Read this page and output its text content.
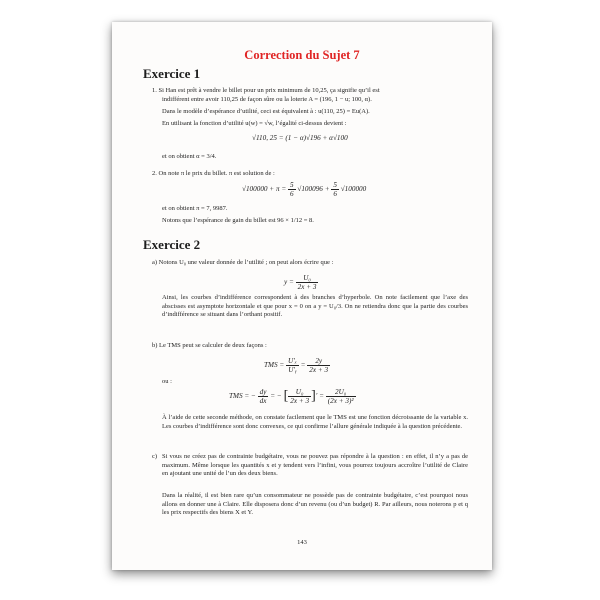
Correction du Sujet 7
Exercice 1
1. Si Han est prêt à vendre le billet pour un prix minimum de 10,25, ça signifie qu’il est
indifférent entre avoir 110,25 de façon sûre ou la loterie A = (196, 1 − u; 100, α).
Dans le modèle d’espérance d’utilité, ceci est équivalent à : u(110, 25) = Eu(A).
En utilisant la fonction d’utilité u(w) = √w, l’égalité ci-dessus devient :
√110, 25 = (1 − α)√196 + α√100
et on obtient α = 3/4.
2. On note π le prix du billet. π est solution de :
$√100000 + \pi = \frac{5}{6} √100096 + \frac{5}{6} √100000$
et on obtient π = 7, 9987.
Notons que l’espérance de gain du billet est 96 × 1/12 = 8.
Exercice 2
a) Notons U₀ une valeur donnée de l’utilité ; on peut alors écrire que :
$y = \frac{\text{U₀}}{2x + 3}$
Ainsi, les courbes d’indifférence correspondent à des branches d’hyperbole. On note facilement que l’axe des abscisses est asymptote horizontale et que pour x = 0 on a y = U₀/3. On ne retiendra donc que la partie des courbes d’indifférence se situant dans l’orthant positif.
b) Le TMS peut se calculer de deux façons :
TMS = $\frac{\text{U′ₓ}}{\text{U′ᵧ}} = \frac{2y}{2x + 3}$
ou :
TMS = − $\frac{dy}{dx}$ = − [ $\frac{\text{U₀}}{2x + 3}$ ]′ = $\frac{\text{2U₀}}{\text{(2x + 3)²}}$
À l’aide de cette seconde méthode, on constate facilement que le TMS est une fonction décroissante de la variable x. Les courbes d’indifférence sont donc convexes, ce qui confirme l’allure générale indiquée à la question précédente.
c) Si vous ne créez pas de contrainte budgétaire, vous ne pouvez pas répondre à la question : en effet, il n’y a pas de maximum. Même lorsque les quantités x et y tendent vers l’infini, vous pourrez toujours accroître l’utilité de Claire en ajoutant une unité de l’un des deux biens.
Dans la réalité, il est bien rare qu’un consommateur ne possède pas de contrainte budgétaire, c’est pourquoi nous allons en donner une à Claire. Elle disposera donc d’un revenu (ou d’un budget) R. Par ailleurs, nous noterons p et q les prix respectifs des biens X et Y.
143
